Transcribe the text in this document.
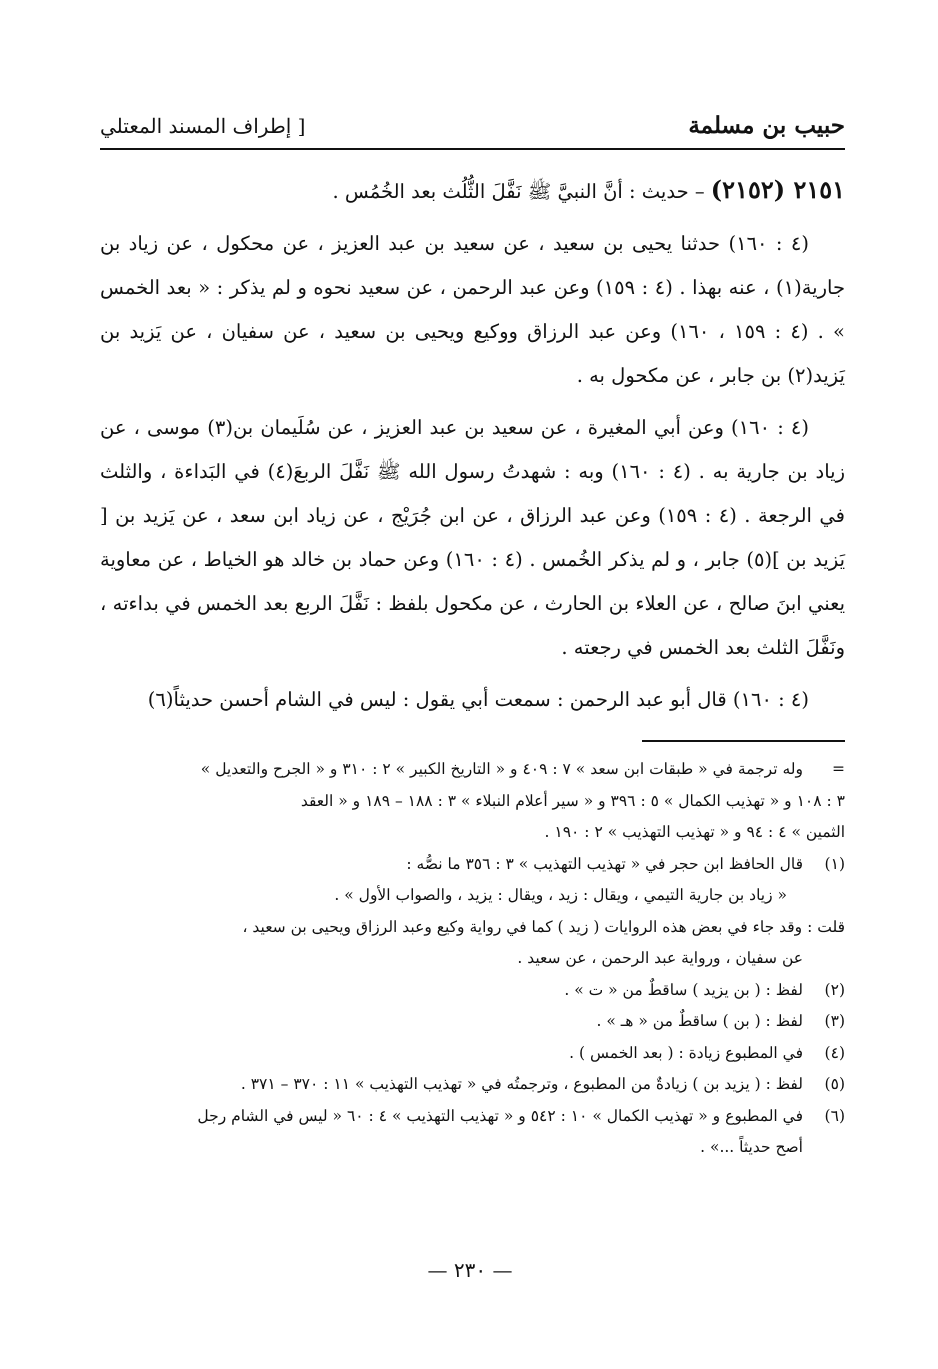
حبيب بن مسلمة
[ إطراف المسند المعتلي

٢١٥١ (٢١٥٢) – حديث : أنَّ النبيَّ ﷺ نَفَّلَ الثُّلُث بعد الخُمُس .

(٤ : ١٦٠) حدثنا يحيى بن سعيد ، عن سعيد بن عبد العزيز ، عن محكول ، عن زياد بن جارية(١) ، عنه بهذا . (٤ : ١٥٩) وعن عبد الرحمن ، عن سعيد نحوه و لم يذكر : « بعد الخمس » . (٤ : ١٥٩ ، ١٦٠) وعن عبد الرزاق ووكيع ويحيى بن سعيد ، عن سفيان ، عن يَزيد بن يَزيد(٢) بن جابر ، عن مكحول به .

(٤ : ١٦٠) وعن أبي المغيرة ، عن سعيد بن عبد العزيز ، عن سُلَيمان بن(٣) موسى ، عن زياد بن جارية به . (٤ : ١٦٠) وبه : شهدتُ رسول الله ﷺ نَفَّلَ الربعَ(٤) في البَداءة ، والثلث في الرجعة . (٤ : ١٥٩) وعن عبد الرزاق ، عن ابن جُرَيْج ، عن زياد ابن سعد ، عن يَزيد بن [ يَزيد بن ](٥) جابر ، و لم يذكر الخُمس . (٤ : ١٦٠) وعن حماد بن خالد هو الخياط ، عن معاوية يعني ابنَ صالح ، عن العلاء بن الحارث ، عن مكحول بلفظ : نَفَّلَ الربع بعد الخمس في بداءته ، ونَفَّلَ الثلث بعد الخمس في رجعته .

(٤ : ١٦٠) قال أبو عبد الرحمن : سمعت أبي يقول : ليس في الشام أحسن حديثاً(٦)

=
وله ترجمة في « طبقات ابن سعد » ٧ : ٤٠٩ و « التاريخ الكبير » ٢ : ٣١٠ و « الجرح والتعديل »
٣ : ١٠٨ و « تهذيب الكمال » ٥ : ٣٩٦ و « سير أعلام النبلاء » ٣ : ١٨٨ – ١٨٩ و « العقد
الثمين » ٤ : ٩٤ و « تهذيب التهذيب » ٢ : ١٩٠ .
(١)
قال الحافظ ابن حجر في « تهذيب التهذيب » ٣ : ٣٥٦ ما نصُّه :
« زياد بن جارية التيمي ، ويقال : زيد ، ويقال : يزيد ، والصواب الأول » .
قلت : وقد جاء في بعض هذه الروايات ( زيد ) كما في رواية وكيع وعبد الرزاق ويحيى بن سعيد ،
عن سفيان ، ورواية عبد الرحمن ، عن سعيد .
(٢)
لفظ : ( بن يزيد ) ساقطٌ من « ت » .
(٣)
لفظ : ( بن ) ساقطٌ من « هـ » .
(٤)
في المطبوع زيادة : ( بعد الخمس ) .
(٥)
لفظ : ( يزيد بن ) زيادةٌ من المطبوع ، وترجمتُه في « تهذيب التهذيب » ١١ : ٣٧٠ – ٣٧١ .
(٦)
في المطبوع و « تهذيب الكمال » ١٠ : ٥٤٢ و « تهذيب التهذيب » ٤ : ٦٠ « ليس في الشام رجل
أصح حديثاً ...» .
— ٢٣٠ —
